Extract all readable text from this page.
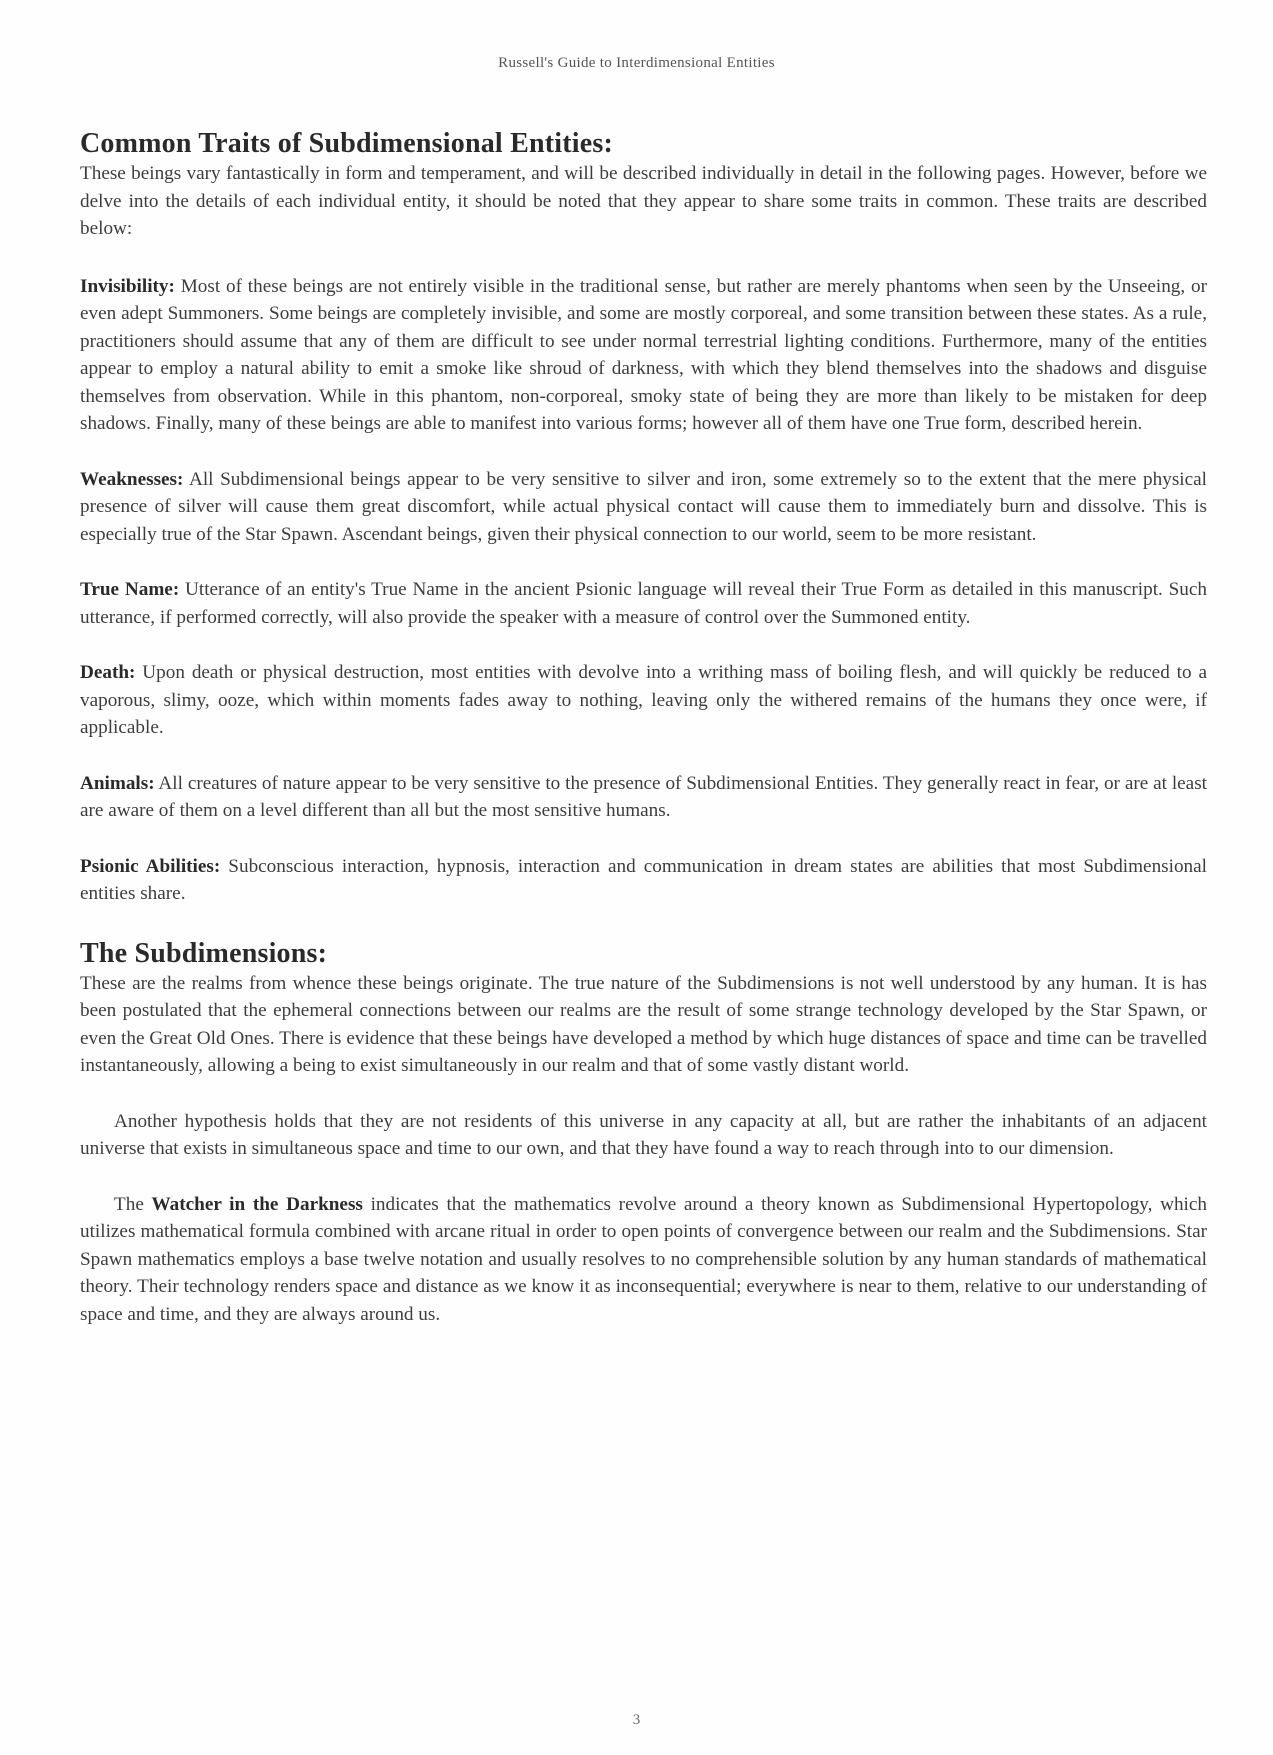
Russell's Guide to Interdimensional Entities
Common Traits of Subdimensional Entities:

These beings vary fantastically in form and temperament, and will be described individually in detail in the following pages. However, before we delve into the details of each individual entity, it should be noted that they appear to share some traits in common. These traits are described below:

Invisibility: Most of these beings are not entirely visible in the traditional sense, but rather are merely phantoms when seen by the Unseeing, or even adept Summoners. Some beings are completely invisible, and some are mostly corporeal, and some transition between these states. As a rule, practitioners should assume that any of them are difficult to see under normal terrestrial lighting conditions. Furthermore, many of the entities appear to employ a natural ability to emit a smoke like shroud of darkness, with which they blend themselves into the shadows and disguise themselves from observation. While in this phantom, non-corporeal, smoky state of being they are more than likely to be mistaken for deep shadows. Finally, many of these beings are able to manifest into various forms; however all of them have one True form, described herein.

Weaknesses: All Subdimensional beings appear to be very sensitive to silver and iron, some extremely so to the extent that the mere physical presence of silver will cause them great discomfort, while actual physical contact will cause them to immediately burn and dissolve. This is especially true of the Star Spawn. Ascendant beings, given their physical connection to our world, seem to be more resistant.

True Name: Utterance of an entity's True Name in the ancient Psionic language will reveal their True Form as detailed in this manuscript. Such utterance, if performed correctly, will also provide the speaker with a measure of control over the Summoned entity.

Death: Upon death or physical destruction, most entities with devolve into a writhing mass of boiling flesh, and will quickly be reduced to a vaporous, slimy, ooze, which within moments fades away to nothing, leaving only the withered remains of the humans they once were, if applicable.

Animals: All creatures of nature appear to be very sensitive to the presence of Subdimensional Entities. They generally react in fear, or are at least are aware of them on a level different than all but the most sensitive humans.

Psionic Abilities: Subconscious interaction, hypnosis, interaction and communication in dream states are abilities that most Subdimensional entities share.

The Subdimensions:

These are the realms from whence these beings originate. The true nature of the Subdimensions is not well understood by any human. It is has been postulated that the ephemeral connections between our realms are the result of some strange technology developed by the Star Spawn, or even the Great Old Ones. There is evidence that these beings have developed a method by which huge distances of space and time can be travelled instantaneously, allowing a being to exist simultaneously in our realm and that of some vastly distant world.

Another hypothesis holds that they are not residents of this universe in any capacity at all, but are rather the inhabitants of an adjacent universe that exists in simultaneous space and time to our own, and that they have found a way to reach through into to our dimension.

The Watcher in the Darkness indicates that the mathematics revolve around a theory known as Subdimensional Hypertopology, which utilizes mathematical formula combined with arcane ritual in order to open points of convergence between our realm and the Subdimensions. Star Spawn mathematics employs a base twelve notation and usually resolves to no comprehensible solution by any human standards of mathematical theory. Their technology renders space and distance as we know it as inconsequential; everywhere is near to them, relative to our understanding of space and time, and they are always around us.

3
